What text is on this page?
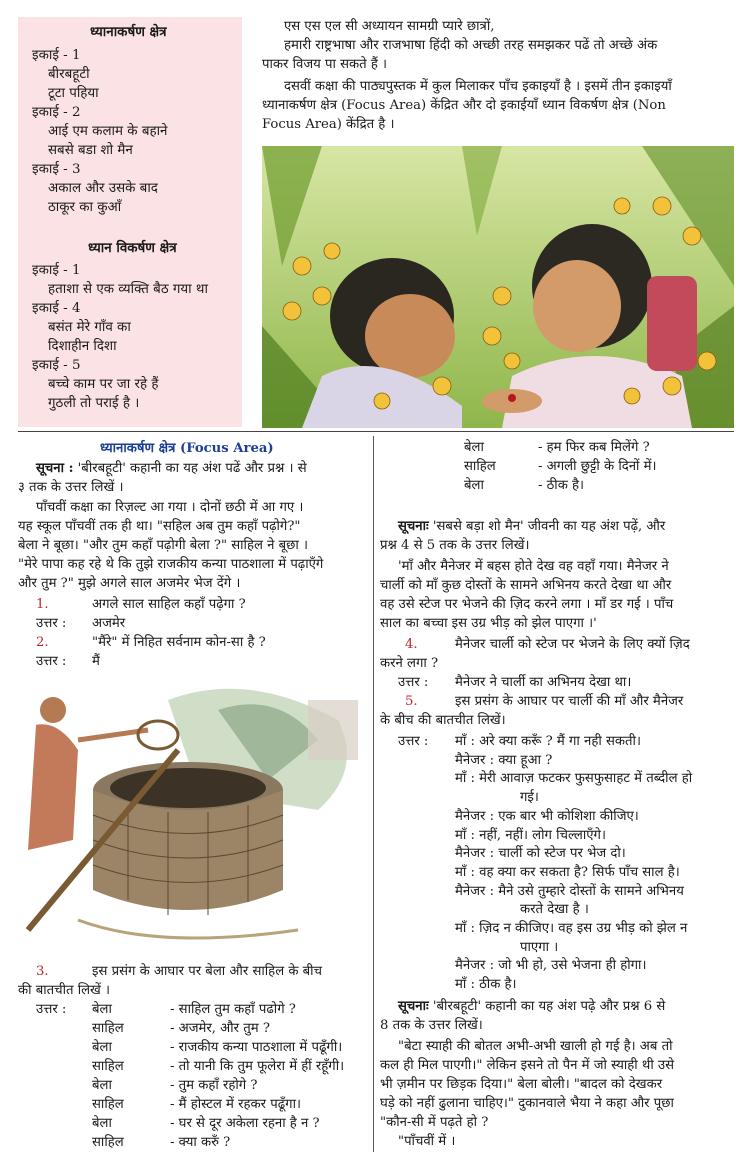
ध्यानाकर्षण क्षेत्र
इकाई - 1
बीरबहूटी
टूटा पहिया
इकाई - 2
आई एम कलाम के बहाने
सबसे बडा शो मैन
इकाई - 3
अकाल और उसके बाद
ठाकूर का कुआँ
ध्यान विकर्षण क्षेत्र
इकाई - 1
हताशा से एक व्यक्ति बैठ गया था
इकाई - 4
बसंत मेरे गाँव का
दिशाहीन दिशा
इकाई - 5
बच्चे काम पर जा रहे हैं
गुठली तो पराई है ।
एस एस एल सी अध्यायन सामग्री प्यारे छात्रों,
हमारी राष्ट्रभाषा और राजभाषा हिंदी को अच्छी तरह समझकर पढें तो अच्छे अंक
पाकर विजय पा सकते हैं ।
दसवीं कक्षा की पाठ्यपुस्तक में कुल मिलाकर पाँच इकाइयाँ है । इसमें तीन इकाइयाँ
ध्यानाकर्षण क्षेत्र (Focus Area) केंद्रित और दो इकाईयाँ ध्यान विकर्षण क्षेत्र (Non
Focus Area) केंद्रित है ।
ध्यानाकर्षण क्षेत्र (Focus Area)
सूचना : 'बीरबहूटी' कहानी का यह अंश पढें और प्रश्न । से
३ तक के उत्तर लिखें ।
पाँचवीं कक्षा का रिज़ल्ट आ गया । दोनों छठी में आ गए ।
यह स्कूल पाँचवीं तक ही था। "सहिल अब तुम कहाँ पढ़ोगे?"
बेला ने बूछा। "और तुम कहाँ पढ़ोगी बेला ?" साहिल ने बूछा ।
"मेरे पापा कह रहे थे कि तुझे राजकीय कन्या पाठशाला में पढ़ाएँगे
और तुम ?" मुझे अगले साल अजमेर भेज देंगे ।
1.	अगले साल साहिल कहाँ पढ़ेगा ?
उत्तर : अजमेर
2.	"मैंरे" में निहित सर्वनाम कोन-सा है ?
उत्तर : मैं
3.	इस प्रसंग के आघार पर बेला और साहिल के बीच
की बातचीत लिखें ।
उत्तर : बेला	- साहिल तुम कहाँ पढोगे ?
साहिल	- अजमेर, और तुम ?
बेला	- राजकीय कन्या पाठशाला में पढूँगी।
साहिल	- तो यानी कि तुम फूलेरा में हीं रहूँगी।
बेला	- तुम कहाँ रहोगे ?
साहिल	- मैं होस्टल में रहकर पढूँगा।
बेला	- घर से दूर अकेला रहना है न ?
साहिल	- क्या करुँ ?
बेला	- हम फिर कब मिलेंगे ?
साहिल	- अगली छुट्टी के दिनों में।
बेला	- ठीक है।
सूचनाः 'सबसे बड़ा शो मैन' जीवनी का यह अंश पढ़ें, और
प्रश्न 4 से 5 तक के उत्तर लिखें।
'माँ और मैनेजर में बहस होते देख वह वहाँ गया। मैनेजर ने
चार्ली को माँ कुछ दोस्तों के सामने अभिनय करते देखा था और
वह उसे स्टेज पर भेजने की ज़िद करने लगा । माँ डर गई । पाँच
साल का बच्चा इस उग्र भीड़ को झेल पाएगा ।'
4.	मैनेजर चार्ली को स्टेज पर भेजने के लिए क्यों ज़िद
करने लगा ?
उत्तर : मैनेजर ने चार्ली का अभिनय देखा था।
5.	इस प्रसंग के आघार पर चार्ली की माँ और मैनेजर
के बीच की बातचीत लिखें।
उत्तर : माँ : अरे क्या करूँ ? मैं गा नही सकती।
मैनेजर : क्या हूआ ?
माँ : मेरी आवाज़ फटकर फुसफुसाहट में तब्दील हो
गई।
मैनेजर : एक बार भी कोशिशा कीजिए।
माँ : नहीं, नहीं। लोग चिल्लाएँगे।
मैनेजर : चार्ली को स्टेज पर भेज दो।
माँ : वह क्या कर सकता है? सिर्फ पाँच साल है।
मैनेजर : मैने उसे तुम्हारे दोस्तों के सामने अभिनय
करते देखा है ।
माँ : ज़िद न कीजिए। वह इस उग्र भीड़ को झेल न
पाएगा ।
मैनेजर : जो भी हो, उसे भेजना ही होगा।
माँ : ठीक है।
सूचनाः 'बीरबहूटी' कहानी का यह अंश पढ़े और प्रश्न 6 से
8 तक के उत्तर लिखें।
"बेटा स्याही की बोतल अभी-अभी खाली हो गई है। अब तो
कल ही मिल पाएगी।" लेकिन इसने तो पैन में जो स्याही थी उसे
भी ज़मीन पर छिड़क दिया।" बेला बोली। "बादल को देखकर
घड़े को नहीं ढुलाना चाहिए।" दुकानवाले भैया ने कहा और पूछा
"कौन-सी में पढ़ते हो ?
"पाँचवीं में ।
